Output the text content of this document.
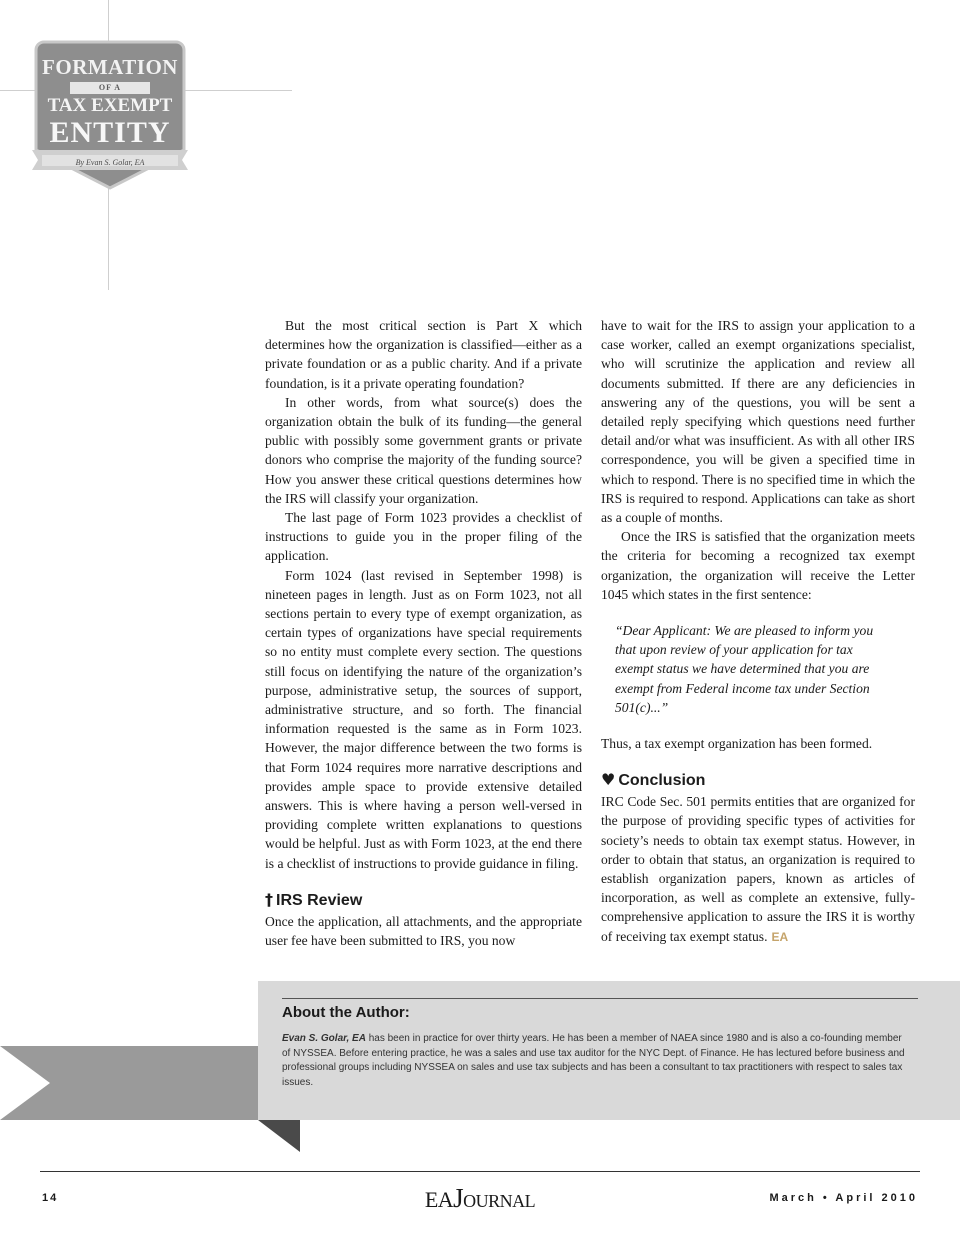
FORMATION
OF A
TAX EXEMPT
ENTITY
By Evan S. Golar, EA

But the most critical section is Part X which determines how the organization is classified—either as a private foundation or as a public charity. And if a private foundation, is it a private operating foundation?

In other words, from what source(s) does the organization obtain the bulk of its funding—the general public with possibly some government grants or private donors who comprise the majority of the funding source? How you answer these critical questions determines how the IRS will classify your organization.

The last page of Form 1023 provides a checklist of instructions to guide you in the proper filing of the application.

Form 1024 (last revised in September 1998) is nineteen pages in length. Just as on Form 1023, not all sections pertain to every type of exempt organization, as certain types of organizations have special requirements so no entity must complete every section. The questions still focus on identifying the nature of the organization’s purpose, administrative setup, the sources of support, administrative structure, and so forth. The financial information requested is the same as in Form 1023. However, the major difference between the two forms is that Form 1024 requires more narrative descriptions and provides ample space to provide extensive detailed answers. This is where having a person well-versed in providing complete written explanations to questions would be helpful. Just as with Form 1023, at the end there is a checklist of instructions to provide guidance in filing.

† IRS Review

Once the application, all attachments, and the appropriate user fee have been submitted to IRS, you now

have to wait for the IRS to assign your application to a case worker, called an exempt organizations specialist, who will scrutinize the application and review all documents submitted. If there are any deficiencies in answering any of the questions, you will be sent a detailed reply specifying which questions need further detail and/or what was insufficient. As with all other IRS correspondence, you will be given a specified time in which to respond. There is no specified time in which the IRS is required to respond. Applications can take as short as a couple of months.

Once the IRS is satisfied that the organization meets the criteria for becoming a recognized tax exempt organization, the organization will receive the Letter 1045 which states in the first sentence:

“Dear Applicant: We are pleased to inform you that upon review of your application for tax exempt status we have determined that you are exempt from Federal income tax under Section 501(c)...”

Thus, a tax exempt organization has been formed.

♥ Conclusion

IRC Code Sec. 501 permits entities that are organized for the purpose of providing specific types of activities for society’s needs to obtain tax exempt status. However, in order to obtain that status, an organization is required to establish organization papers, known as articles of incorporation, as well as complete an extensive, fully-comprehensive application to assure the IRS it is worthy of receiving tax exempt status. EA

About the Author:
Evan S. Golar, EA has been in practice for over thirty years. He has been a member of NAEA since 1980 and is also a co-founding member of NYSSEA. Before entering practice, he was a sales and use tax auditor for the NYC Dept. of Finance. He has lectured before business and professional groups including NYSSEA on sales and use tax subjects and has been a consultant to tax practitioners with respect to sales tax issues.
14	EAJOURNAL	March • April 2010
